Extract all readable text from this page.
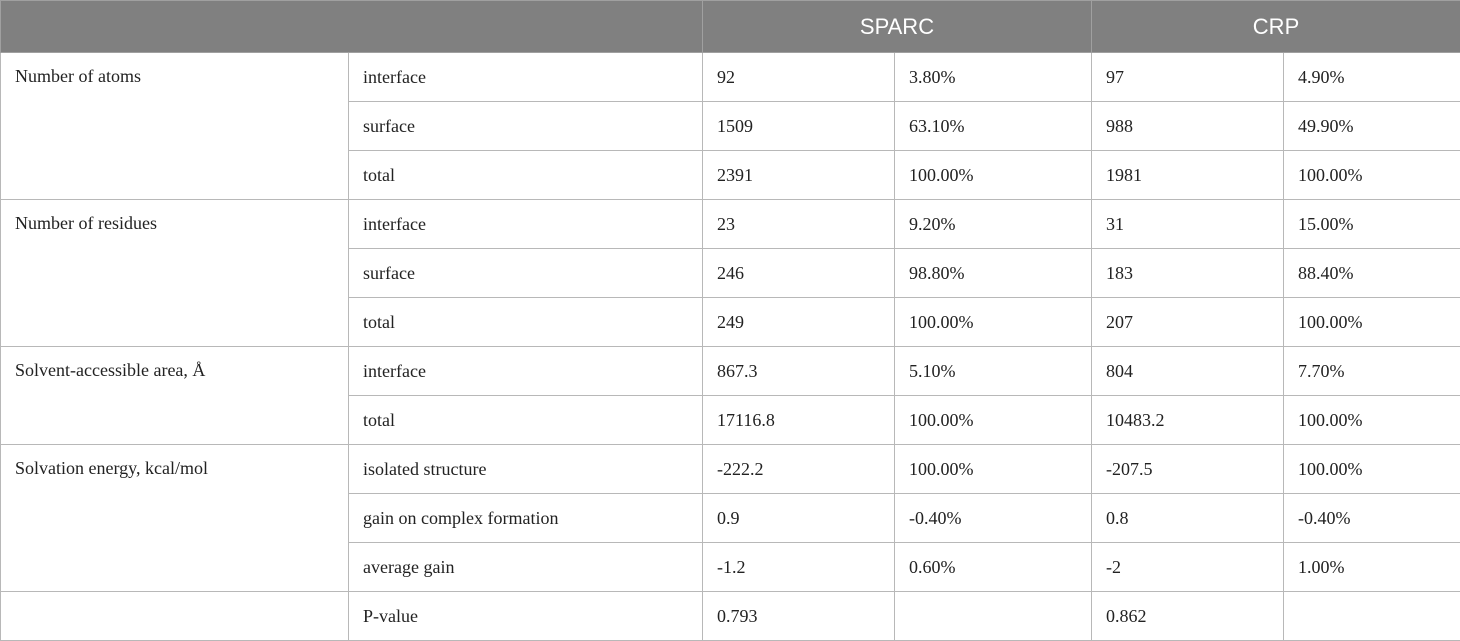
		SPARC		CRP	
Number of atoms	interface	92	3.80%	97	4.90%
	surface	1509	63.10%	988	49.90%
	total	2391	100.00%	1981	100.00%
Number of residues	interface	23	9.20%	31	15.00%
	surface	246	98.80%	183	88.40%
	total	249	100.00%	207	100.00%
Solvent-accessible area, Å	interface	867.3	5.10%	804	7.70%
	total	17116.8	100.00%	10483.2	100.00%
Solvation energy, kcal/mol	isolated structure	-222.2	100.00%	-207.5	100.00%
	gain on complex formation	0.9	-0.40%	0.8	-0.40%
	average gain	-1.2	0.60%	-2	1.00%
	P-value	0.793		0.862	
